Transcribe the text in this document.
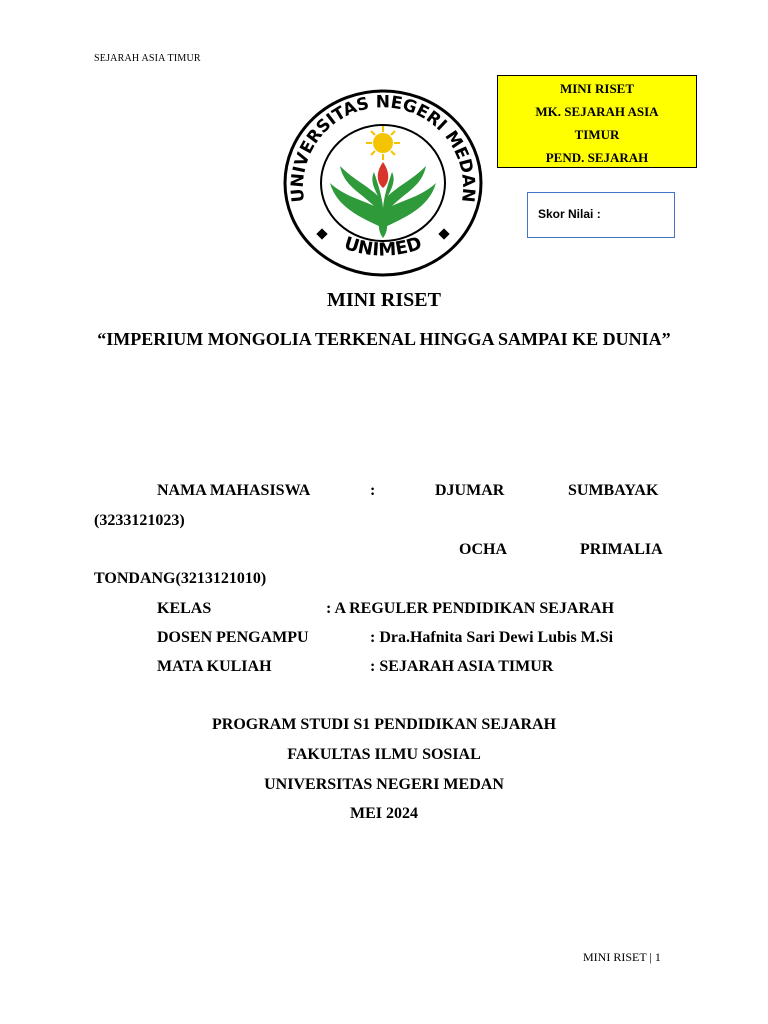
SEJARAH ASIA TIMUR
MINI RISET
MK. SEJARAH ASIA
TIMUR
PEND. SEJARAH
Skor Nilai :
UNIVERSITAS NEGERI MEDAN
UNIMED
MINI RISET
“IMPERIUM MONGOLIA TERKENAL HINGGA SAMPAI KE DUNIA”
NAMA MAHASISWA	:	DJUMAR	SUMBAYAK
(3233121023)
OCHA	PRIMALIA
TONDANG(3213121010)
KELAS	: A REGULER PENDIDIKAN SEJARAH
DOSEN PENGAMPU	: Dra.Hafnita Sari Dewi Lubis M.Si
MATA KULIAH	: SEJARAH ASIA TIMUR
PROGRAM STUDI S1 PENDIDIKAN SEJARAH
FAKULTAS ILMU SOSIAL
UNIVERSITAS NEGERI MEDAN
MEI 2024
MINI RISET | 1
